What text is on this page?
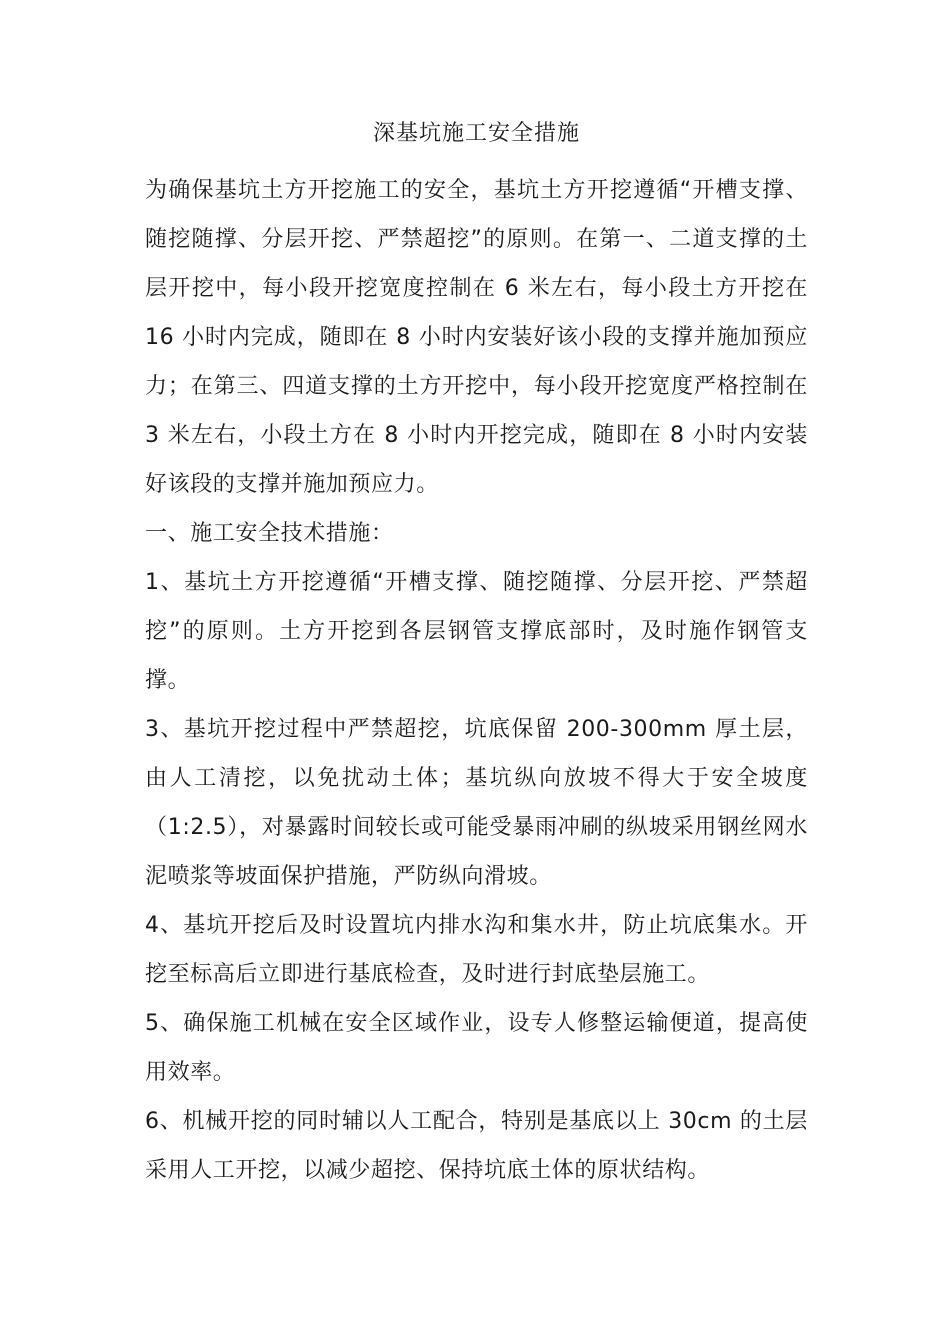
深基坑施工安全措施

为确保基坑土方开挖施工的安全，基坑土方开挖遵循“开槽支撑、随挖随撑、分层开挖、严禁超挖”的原则。在第一、二道支撑的土层开挖中，每小段开挖宽度控制在 6 米左右，每小段土方开挖在 16 小时内完成，随即在 8 小时内安装好该小段的支撑并施加预应力；在第三、四道支撑的土方开挖中，每小段开挖宽度严格控制在 3 米左右，小段土方在 8 小时内开挖完成，随即在 8 小时内安装好该段的支撑并施加预应力。

一、施工安全技术措施：

1、基坑土方开挖遵循“开槽支撑、随挖随撑、分层开挖、严禁超挖”的原则。土方开挖到各层钢管支撑底部时，及时施作钢管支撑。

3、基坑开挖过程中严禁超挖，坑底保留 200-300mm 厚土层，由人工清挖，以免扰动土体；基坑纵向放坡不得大于安全坡度（1:2.5），对暴露时间较长或可能受暴雨冲刷的纵坡采用钢丝网水泥喷浆等坡面保护措施，严防纵向滑坡。

4、基坑开挖后及时设置坑内排水沟和集水井，防止坑底集水。开挖至标高后立即进行基底检查，及时进行封底垫层施工。

5、确保施工机械在安全区域作业，设专人修整运输便道，提高使用效率。

6、机械开挖的同时辅以人工配合，特别是基底以上 30cm 的土层采用人工开挖，以减少超挖、保持坑底土体的原状结构。
